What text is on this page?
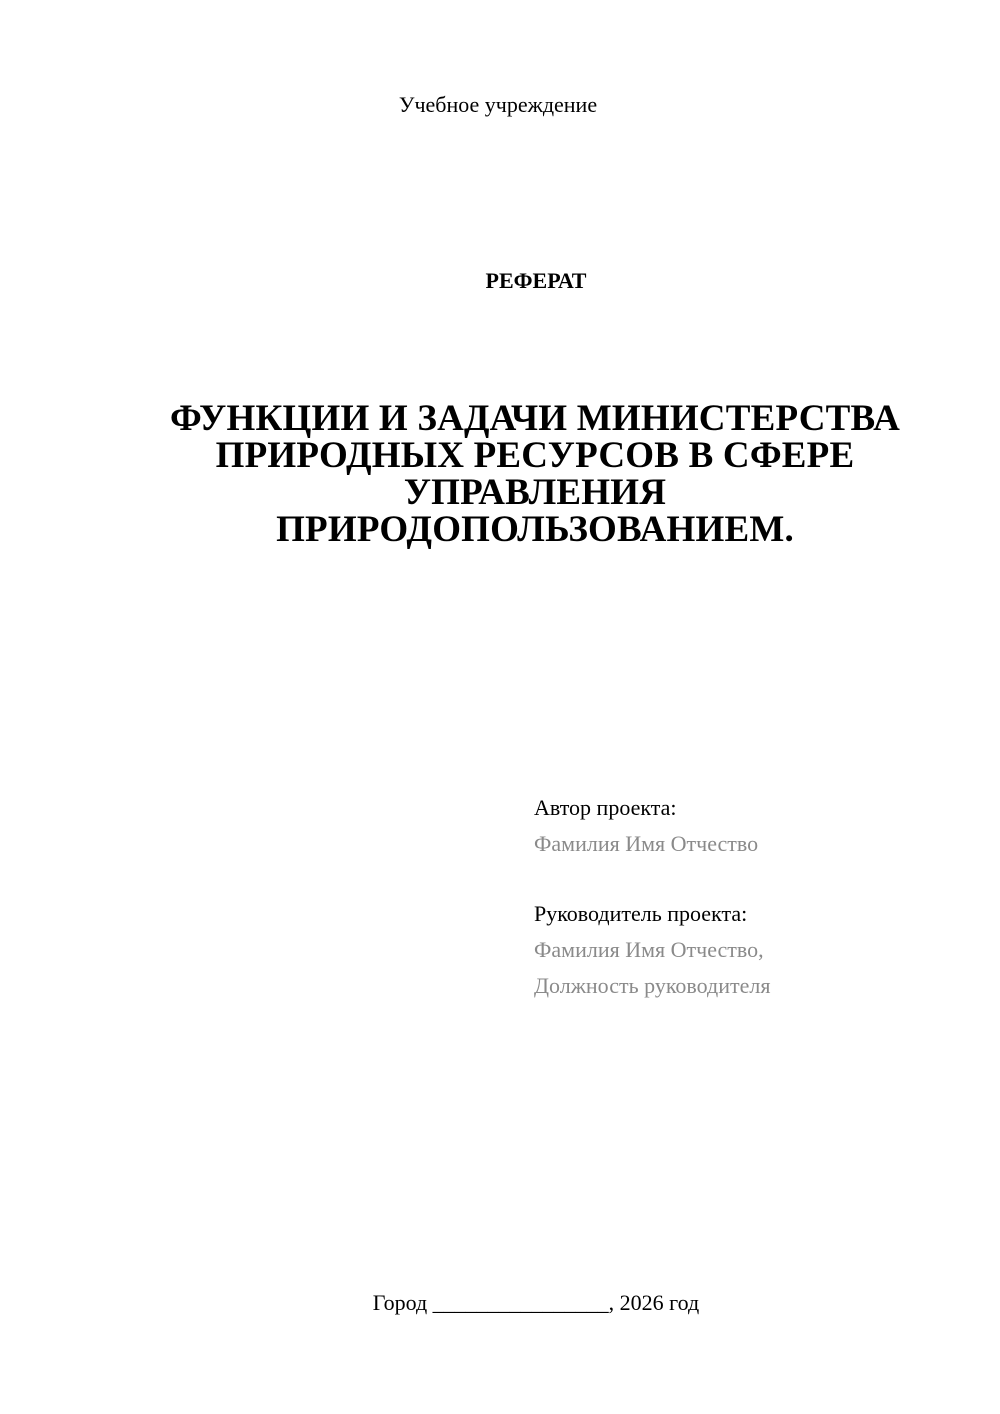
Учебное учреждение
РЕФЕРАТ
ФУНКЦИИ И ЗАДАЧИ МИНИСТЕРСТВА
ПРИРОДНЫХ РЕСУРСОВ В СФЕРЕ
УПРАВЛЕНИЯ
ПРИРОДОПОЛЬЗОВАНИЕМ.
Автор проекта:
Фамилия Имя Отчество
Руководитель проекта:
Фамилия Имя Отчество,
Должность руководителя
Город ________________, 2026 год
